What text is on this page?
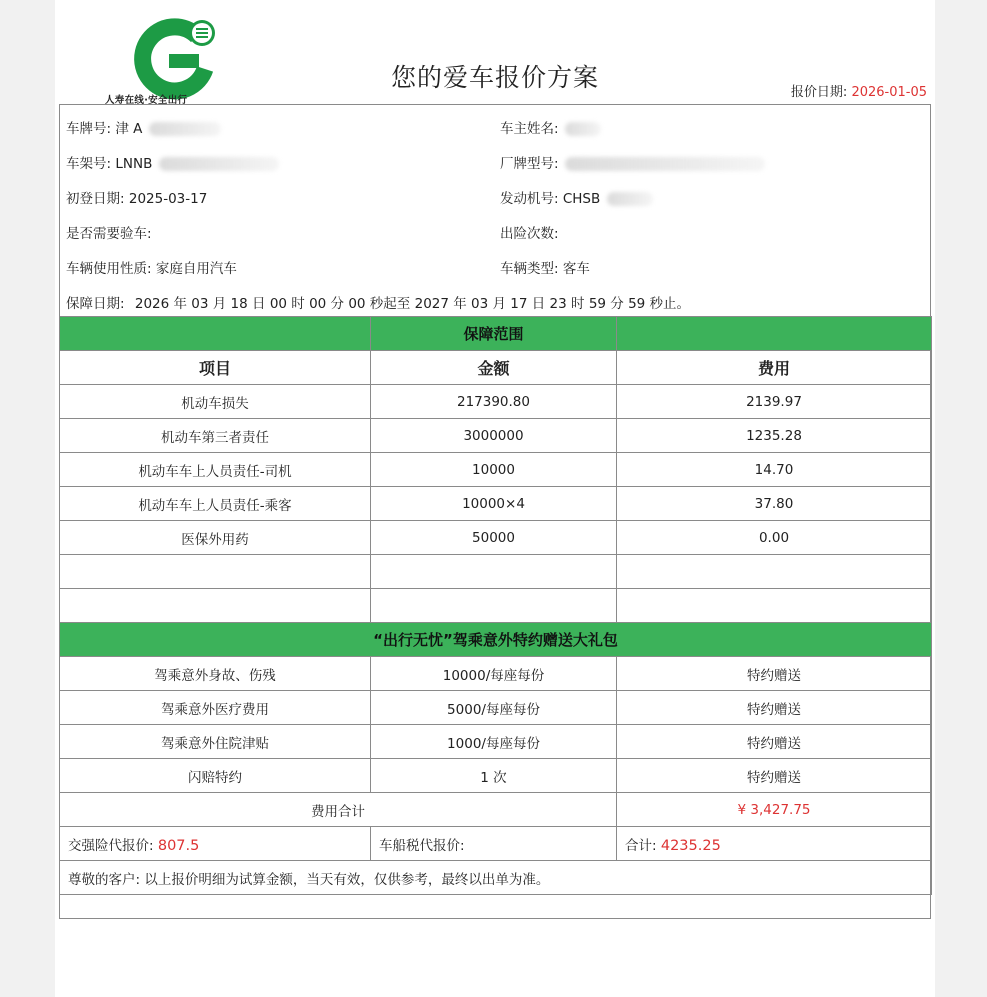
人寿在线·安全出行
您的爱车报价方案
报价日期: 2026-01-05
车牌号: 津 A	车主姓名:
车架号: LNNB	厂牌型号:
初登日期: 2025-03-17	发动机号: CHSB
是否需要验车:	出险次数:
车辆使用性质: 家庭自用汽车	车辆类型: 客车
保障日期: 2026 年 03 月 18 日 00 时 00 分 00 秒起至 2027 年 03 月 17 日 23 时 59 分 59 秒止。
	保障范围	
项目	金额	费用
机动车损失	217390.80	2139.97
机动车第三者责任	3000000	1235.28
机动车车上人员责任-司机	10000	14.70
机动车车上人员责任-乘客	10000×4	37.80
医保外用药	50000	0.00

“出行无忧”驾乘意外特约赠送大礼包		
驾乘意外身故、伤残	10000/每座每份	特约赠送
驾乘意外医疗费用	5000/每座每份	特约赠送
驾乘意外住院津贴	1000/每座每份	特约赠送
闪赔特约	1 次	特约赠送
费用合计		¥ 3,427.75
交强险代报价: 807.5	车船税代报价:	合计: 4235.25
尊敬的客户: 以上报价明细为试算金额，当天有效，仅供参考，最终以出单为准。		
